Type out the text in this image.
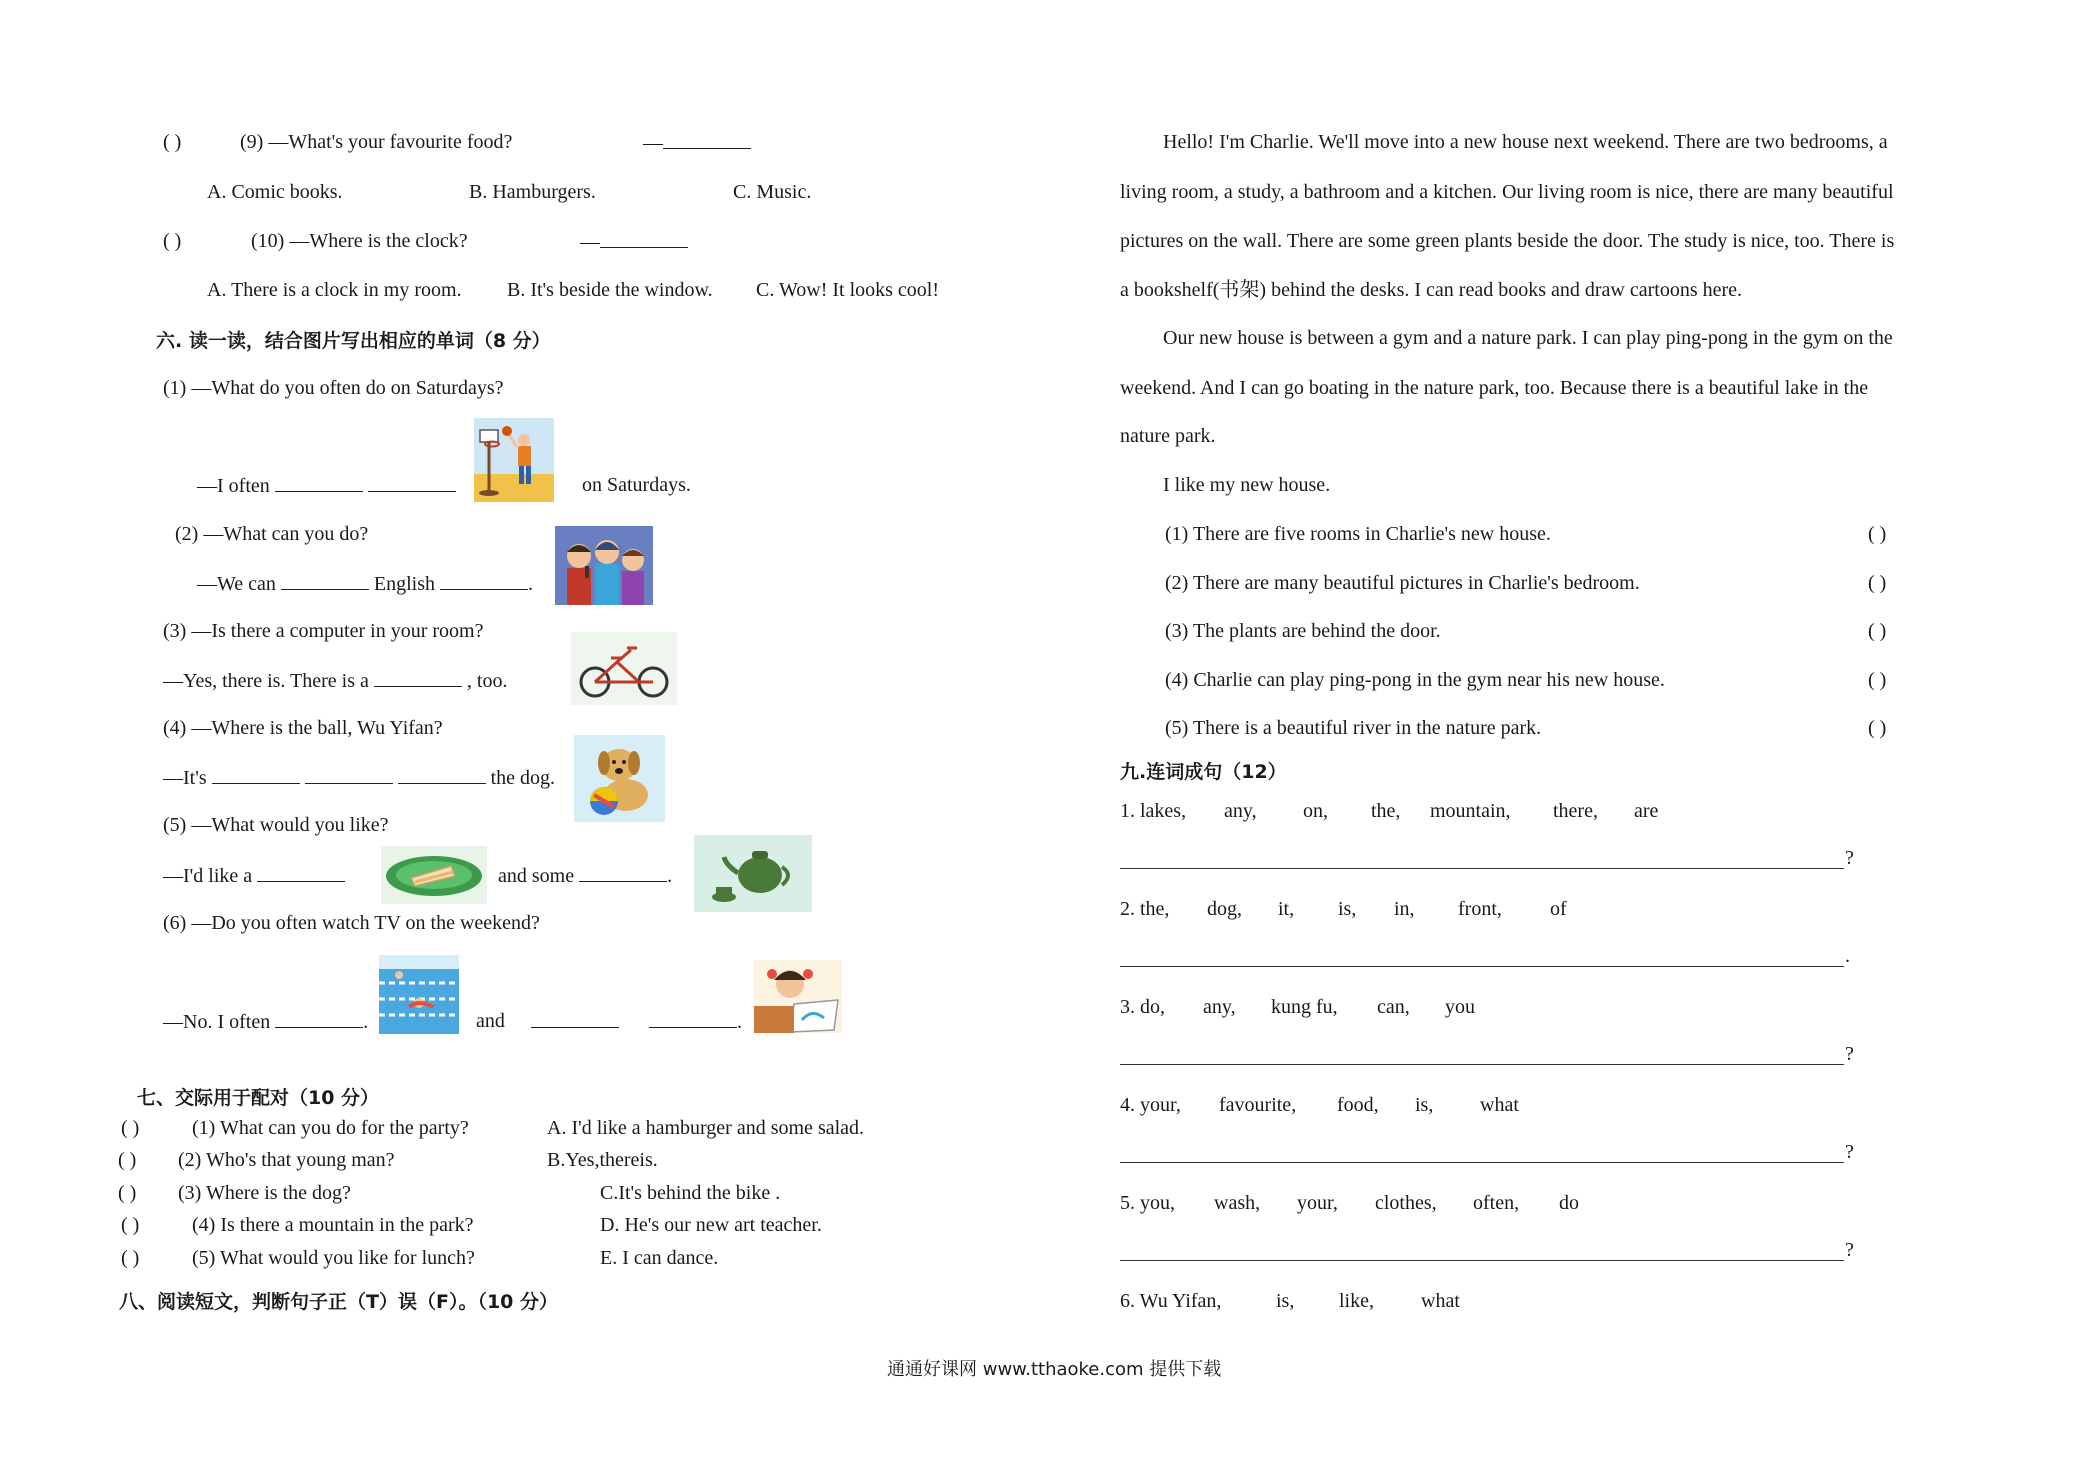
( )	(9) —What's your favourite food?	—
A. Comic books.	B. Hamburgers.	C. Music.
( )	(10) —Where is the clock?	—
A. There is a clock in my room. B. It's beside the window. C. Wow! It looks cool!
六. 读一读，结合图片写出相应的单词（8 分）
(1) —What do you often do on Saturdays?
—I often	on Saturdays.
(2) —What can you do?
—We can	English	.
(3) —Is there a computer in your room?
—Yes, there is. There is a	, too.
(4) —Where is the ball, Wu Yifan?
—It's	the dog.
(5) —What would you like?
—I'd like a	and some	.
(6) —Do you often watch TV on the weekend?
—No. I often	.	and	.
七、交际用于配对（10 分）
( )	(1) What can you do for the party?	A. I'd like a hamburger and some salad.
( ) (2) Who's that young man?	B.Yes,thereis.
( ) (3) Where is the dog?	C.It's behind the bike .
( )	(4) Is there a mountain in the park?	D. He's our new art teacher.
( )	(5) What would you like for lunch?	E. I can dance.
八、阅读短文，判断句子正（T）误（F）。（10 分）
Hello! I'm Charlie. We'll move into a new house next weekend. There are two bedrooms, a
living room, a study, a bathroom and a kitchen. Our living room is nice, there are many beautiful
pictures on the wall. There are some green plants beside the door. The study is nice, too. There is
a bookshelf(书架) behind the desks. I can read books and draw cartoons here.
Our new house is between a gym and a nature park. I can play ping-pong in the gym on the
weekend. And I can go boating in the nature park, too. Because there is a beautiful lake in the
nature park.
I like my new house.
(1) There are five rooms in Charlie's new house.	( )
(2) There are many beautiful pictures in Charlie's bedroom.	( )
(3) The plants are behind the door.	( )
(4) Charlie can play ping-pong in the gym near his new house.	( )
(5) There is a beautiful river in the nature park.	( )
九.连词成句（12）
1. lakes, any, on, the, mountain, there, are
?
2. the, dog, it, is, in, front, of
.
3. do, any, kung fu, can, you
?
4. your, favourite, food, is, what
?
5. you, wash, your, clothes, often, do
?
6. Wu Yifan,	is, like, what
通通好课网 www.tthaoke.com 提供下载
